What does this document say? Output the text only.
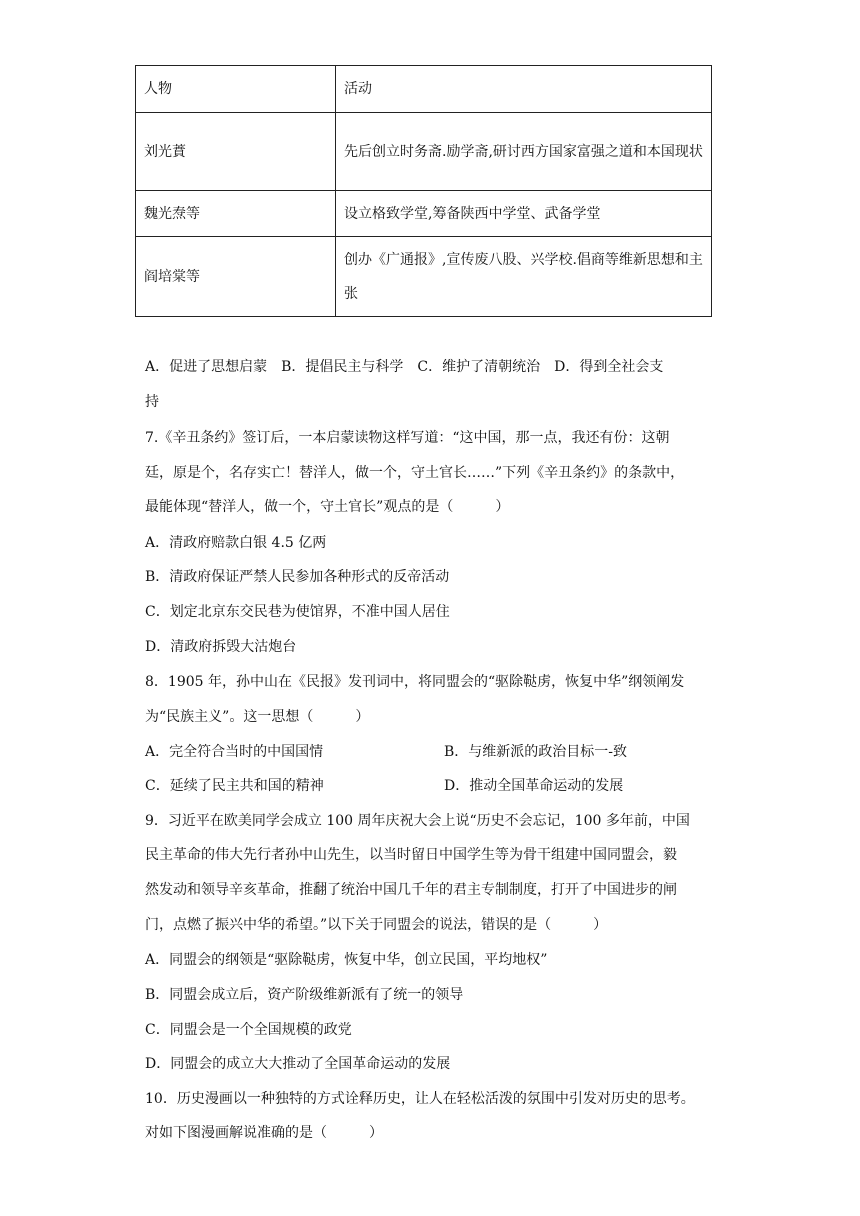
人物	活动
刘光蕡	先后创立时务斋.励学斋,研讨西方国家富强之道和本国现状
魏光焘等	设立格致学堂,筹备陕西中学堂、武备学堂
阎培棠等	创办《广通报》,宣传废八股、兴学校.倡商等维新思想和主张
A．促进了思想启蒙　B．提倡民主与科学　C．维护了清朝统治　D．得到全社会支
持
7.《辛丑条约》签订后，一本启蒙读物这样写道：“这中国，那一点，我还有份：这朝
廷，原是个，名存实亡！替洋人，做一个，守土官长……”下列《辛丑条约》的条款中，
最能体现“替洋人，做一个，守土官长”观点的是（　　　）
A．清政府赔款白银 4.5 亿两
B．清政府保证严禁人民参加各种形式的反帝活动
C．划定北京东交民巷为使馆界，不准中国人居住
D．清政府拆毁大沽炮台
8．1905 年，孙中山在《民报》发刊词中，将同盟会的“驱除鞑虏，恢复中华”纲领阐发
为“民族主义”。这一思想（　　　）
A．完全符合当时的中国国情	B．与维新派的政治目标一-致
C．延续了民主共和国的精神	D．推动全国革命运动的发展
9．习近平在欧美同学会成立 100 周年庆祝大会上说“历史不会忘记，100 多年前，中国
民主革命的伟大先行者孙中山先生，以当时留日中国学生等为骨干组建中国同盟会，毅
然发动和领导辛亥革命，推翻了统治中国几千年的君主专制制度，打开了中国进步的闸
门，点燃了振兴中华的希望。”以下关于同盟会的说法，错误的是（　　　）
A．同盟会的纲领是“驱除鞑虏，恢复中华，创立民国，平均地权”
B．同盟会成立后，资产阶级维新派有了统一的领导
C．同盟会是一个全国规模的政党
D．同盟会的成立大大推动了全国革命运动的发展
10．历史漫画以一种独特的方式诠释历史，让人在轻松活泼的氛围中引发对历史的思考。
对如下图漫画解说准确的是（　　　）
